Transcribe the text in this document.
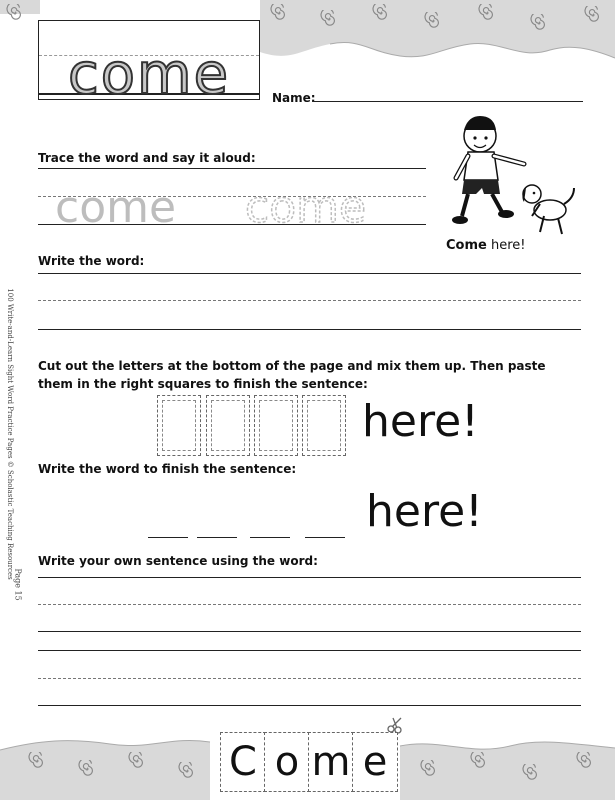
come	Name:
Trace the word and say it aloud:
come come
Come here!
Write the word:
Cut out the letters at the bottom of the page and mix them up. Then paste them in the right squares to finish the sentence:
here!
Write the word to finish the sentence:
here!
Write your own sentence using the word:
100 Write-and-Learn Sight Word Practice Pages © Scholastic Teaching Resources
Page 15
C o m e
